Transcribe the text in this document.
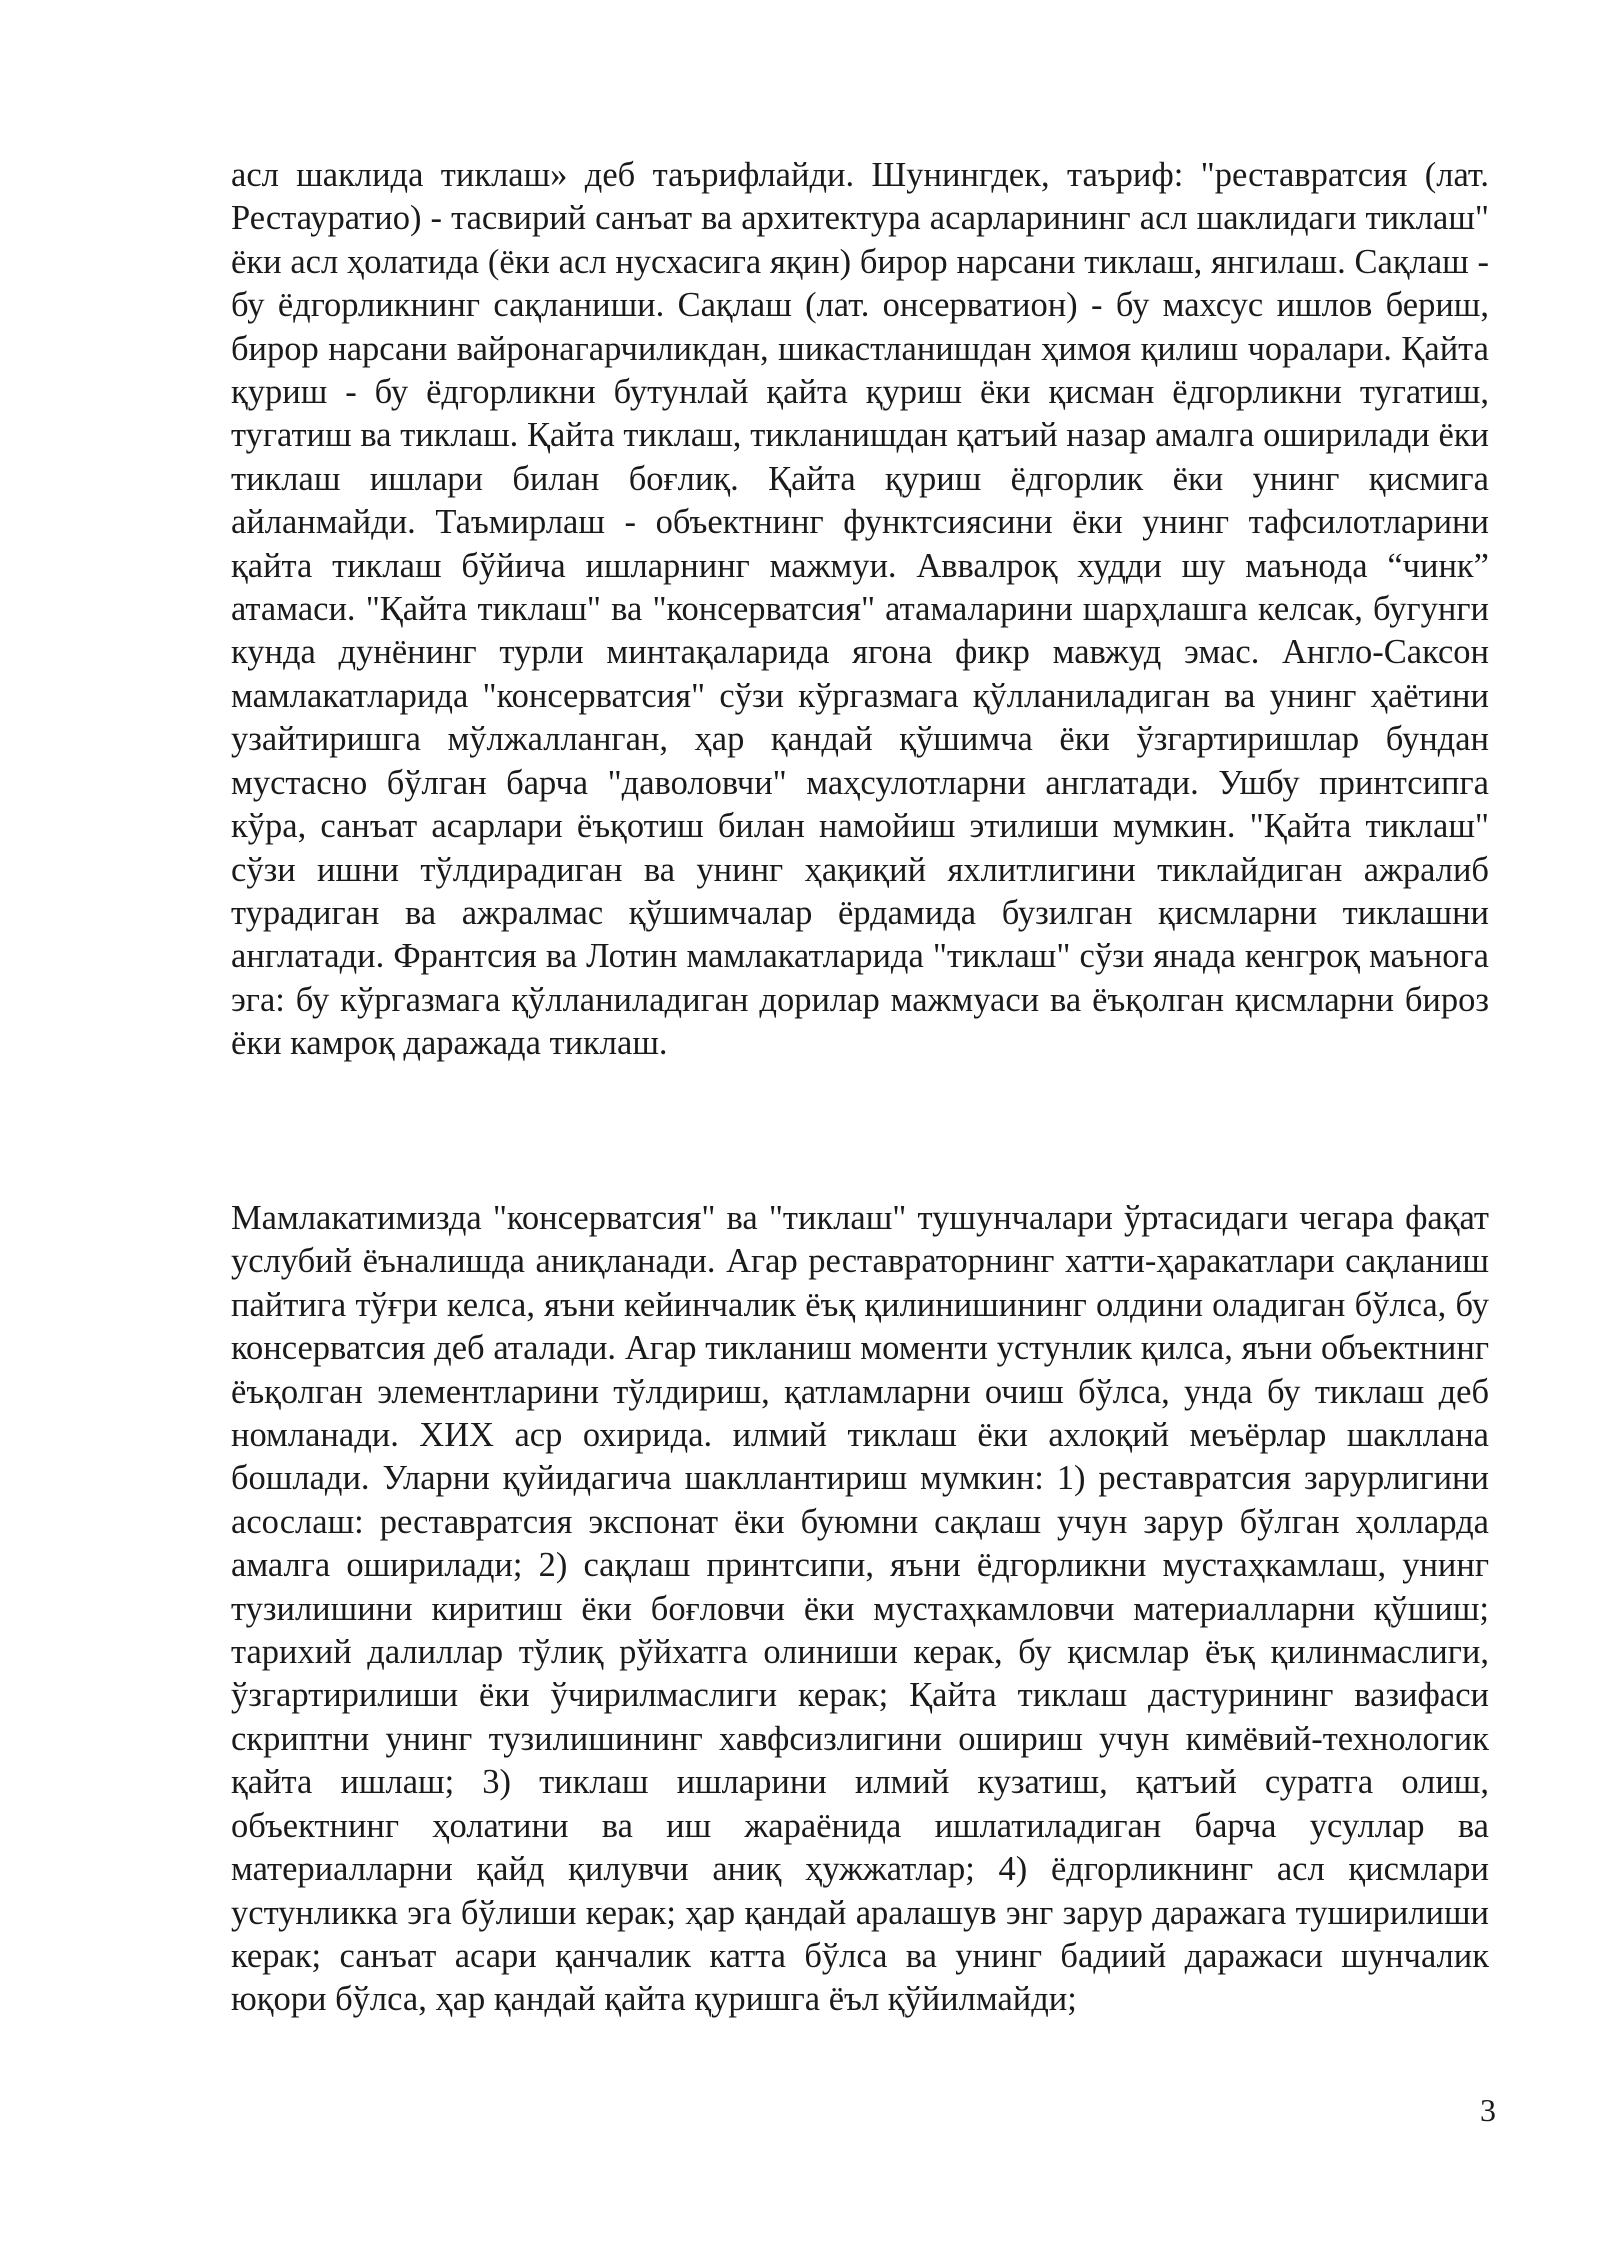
асл шаклида тиклаш» деб таърифлайди. Шунингдек, таъриф: "реставратсия (лат. Рестауратио) - тасвирий санъат ва архитектура асарларининг асл шаклидаги тиклаш" ёки асл ҳолатида (ёки асл нусхасига яқин) бирор нарсани тиклаш, янгилаш. Сақлаш - бу ёдгорликнинг сақланиши. Сақлаш (лат. онсерватион) - бу махсус ишлов бериш, бирор нарсани вайронагарчиликдан, шикастланишдан ҳимоя қилиш чоралари. Қайта қуриш - бу ёдгорликни бутунлай қайта қуриш ёки қисман ёдгорликни тугатиш, тугатиш ва тиклаш. Қайта тиклаш, тикланишдан қатъий назар амалга оширилади ёки тиклаш ишлари билан боғлиқ. Қайта қуриш ёдгорлик ёки унинг қисмига айланмайди. Таъмирлаш - объектнинг функтсиясини ёки унинг тафсилотларини қайта тиклаш бўйича ишларнинг мажмуи. Аввалроқ худди шу маънода “чинк” атамаси. "Қайта тиклаш" ва "консерватсия" атамаларини шарҳлашга келсак, бугунги кунда дунёнинг турли минтақаларида ягона фикр мавжуд эмас. Англо-Саксон мамлакатларида "консерватсия" сўзи кўргазмага қўлланиладиган ва унинг ҳаётини узайтиришга мўлжалланган, ҳар қандай қўшимча ёки ўзгартиришлар бундан мустасно бўлган барча "даволовчи" маҳсулотларни англатади. Ушбу принтсипга кўра, санъат асарлари ёъқотиш билан намойиш этилиши мумкин. "Қайта тиклаш" сўзи ишни тўлдирадиган ва унинг ҳақиқий яхлитлигини тиклайдиган ажралиб турадиган ва ажралмас қўшимчалар ёрдамида бузилган қисмларни тиклашни англатади. Франтсия ва Лотин мамлакатларида "тиклаш" сўзи янада кенгроқ маънога эга: бу кўргазмага қўлланиладиган дорилар мажмуаси ва ёъқолган қисмларни бироз ёки камроқ даражада тиклаш.

Мамлакатимизда "консерватсия" ва "тиклаш" тушунчалари ўртасидаги чегара фақат услубий ёъналишда аниқланади. Агар реставраторнинг хатти-ҳаракатлари сақланиш пайтига тўғри келса, яъни кейинчалик ёъқ қилинишининг олдини оладиган бўлса, бу консерватсия деб аталади. Агар тикланиш моменти устунлик қилса, яъни объектнинг ёъқолган элементларини тўлдириш, қатламларни очиш бўлса, унда бу тиклаш деб номланади. XИX аср охирида. илмий тиклаш ёки ахлоқий меъёрлар шакллана бошлади. Уларни қуйидагича шакллантириш мумкин: 1) реставратсия зарурлигини асослаш: реставратсия экспонат ёки буюмни сақлаш учун зарур бўлган ҳолларда амалга оширилади; 2) сақлаш принтсипи, яъни ёдгорликни мустаҳкамлаш, унинг тузилишини киритиш ёки боғловчи ёки мустаҳкамловчи материалларни қўшиш; тарихий далиллар тўлиқ рўйхатга олиниши керак, бу қисмлар ёъқ қилинмаслиги, ўзгартирилиши ёки ўчирилмаслиги керак; Қайта тиклаш дастурининг вазифаси скриптни унинг тузилишининг хавфсизлигини ошириш учун кимёвий-технологик қайта ишлаш; 3) тиклаш ишларини илмий кузатиш, қатъий суратга олиш, объектнинг ҳолатини ва иш жараёнида ишлатиладиган барча усуллар ва материалларни қайд қилувчи аниқ ҳужжатлар; 4) ёдгорликнинг асл қисмлари устунликка эга бўлиши керак; ҳар қандай аралашув энг зарур даражага туширилиши керак; санъат асари қанчалик катта бўлса ва унинг бадиий даражаси шунчалик юқори бўлса, ҳар қандай қайта қуришга ёъл қўйилмайди;

3
